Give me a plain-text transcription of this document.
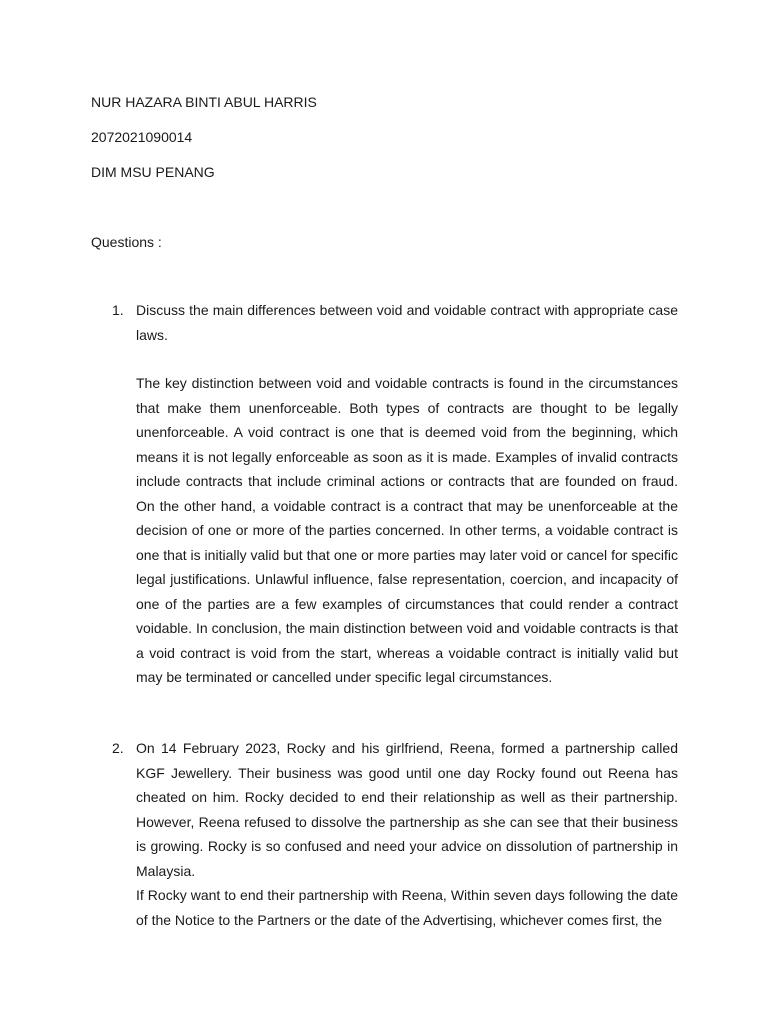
NUR HAZARA BINTI ABUL HARRIS

2072021090014

DIM MSU PENANG

Questions :

1. Discuss the main differences between void and voidable contract with appropriate case laws.

The key distinction between void and voidable contracts is found in the circumstances that make them unenforceable. Both types of contracts are thought to be legally unenforceable. A void contract is one that is deemed void from the beginning, which means it is not legally enforceable as soon as it is made. Examples of invalid contracts include contracts that include criminal actions or contracts that are founded on fraud. On the other hand, a voidable contract is a contract that may be unenforceable at the decision of one or more of the parties concerned. In other terms, a voidable contract is one that is initially valid but that one or more parties may later void or cancel for specific legal justifications. Unlawful influence, false representation, coercion, and incapacity of one of the parties are a few examples of circumstances that could render a contract voidable. In conclusion, the main distinction between void and voidable contracts is that a void contract is void from the start, whereas a voidable contract is initially valid but may be terminated or cancelled under specific legal circumstances.

2. On 14 February 2023, Rocky and his girlfriend, Reena, formed a partnership called KGF Jewellery. Their business was good until one day Rocky found out Reena has cheated on him. Rocky decided to end their relationship as well as their partnership. However, Reena refused to dissolve the partnership as she can see that their business is growing. Rocky is so confused and need your advice on dissolution of partnership in Malaysia.

If Rocky want to end their partnership with Reena, Within seven days following the date of the Notice to the Partners or the date of the Advertising, whichever comes first, the
